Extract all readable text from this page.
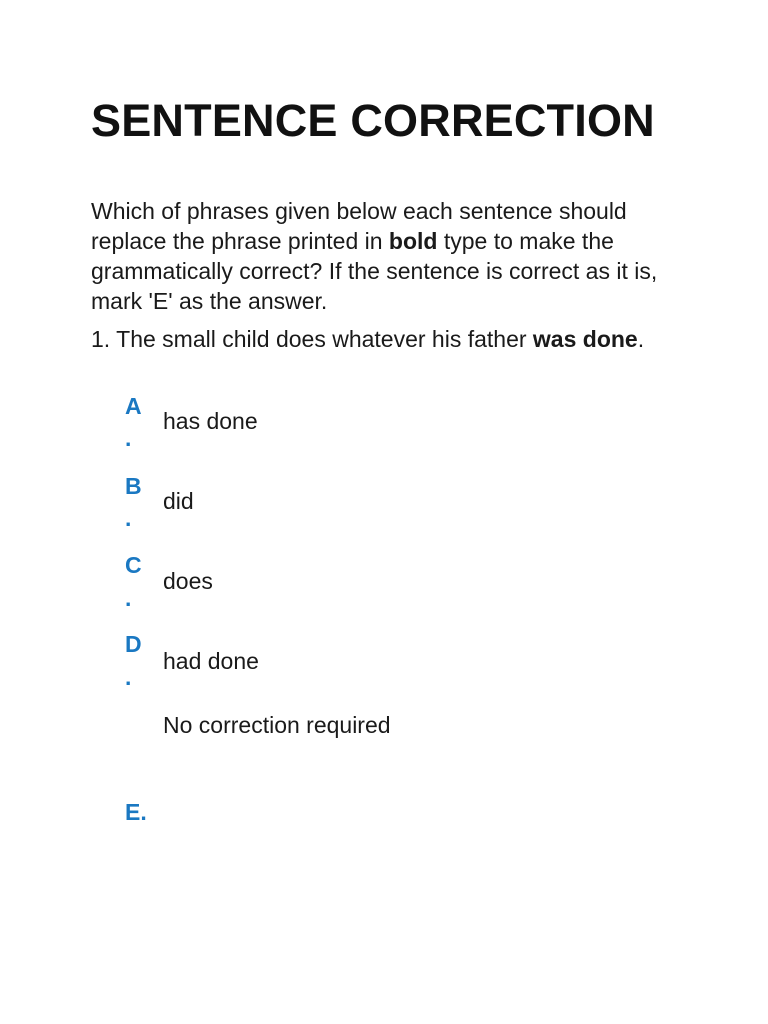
SENTENCE CORRECTION

Which of phrases given below each sentence should replace the phrase printed in bold type to make the grammatically correct? If the sentence is correct as it is, mark 'E' as the answer.

1. The small child does whatever his father was done.

A
.
has done
B
.
did
C
.
does
D
.
had done
No correction required
E.
